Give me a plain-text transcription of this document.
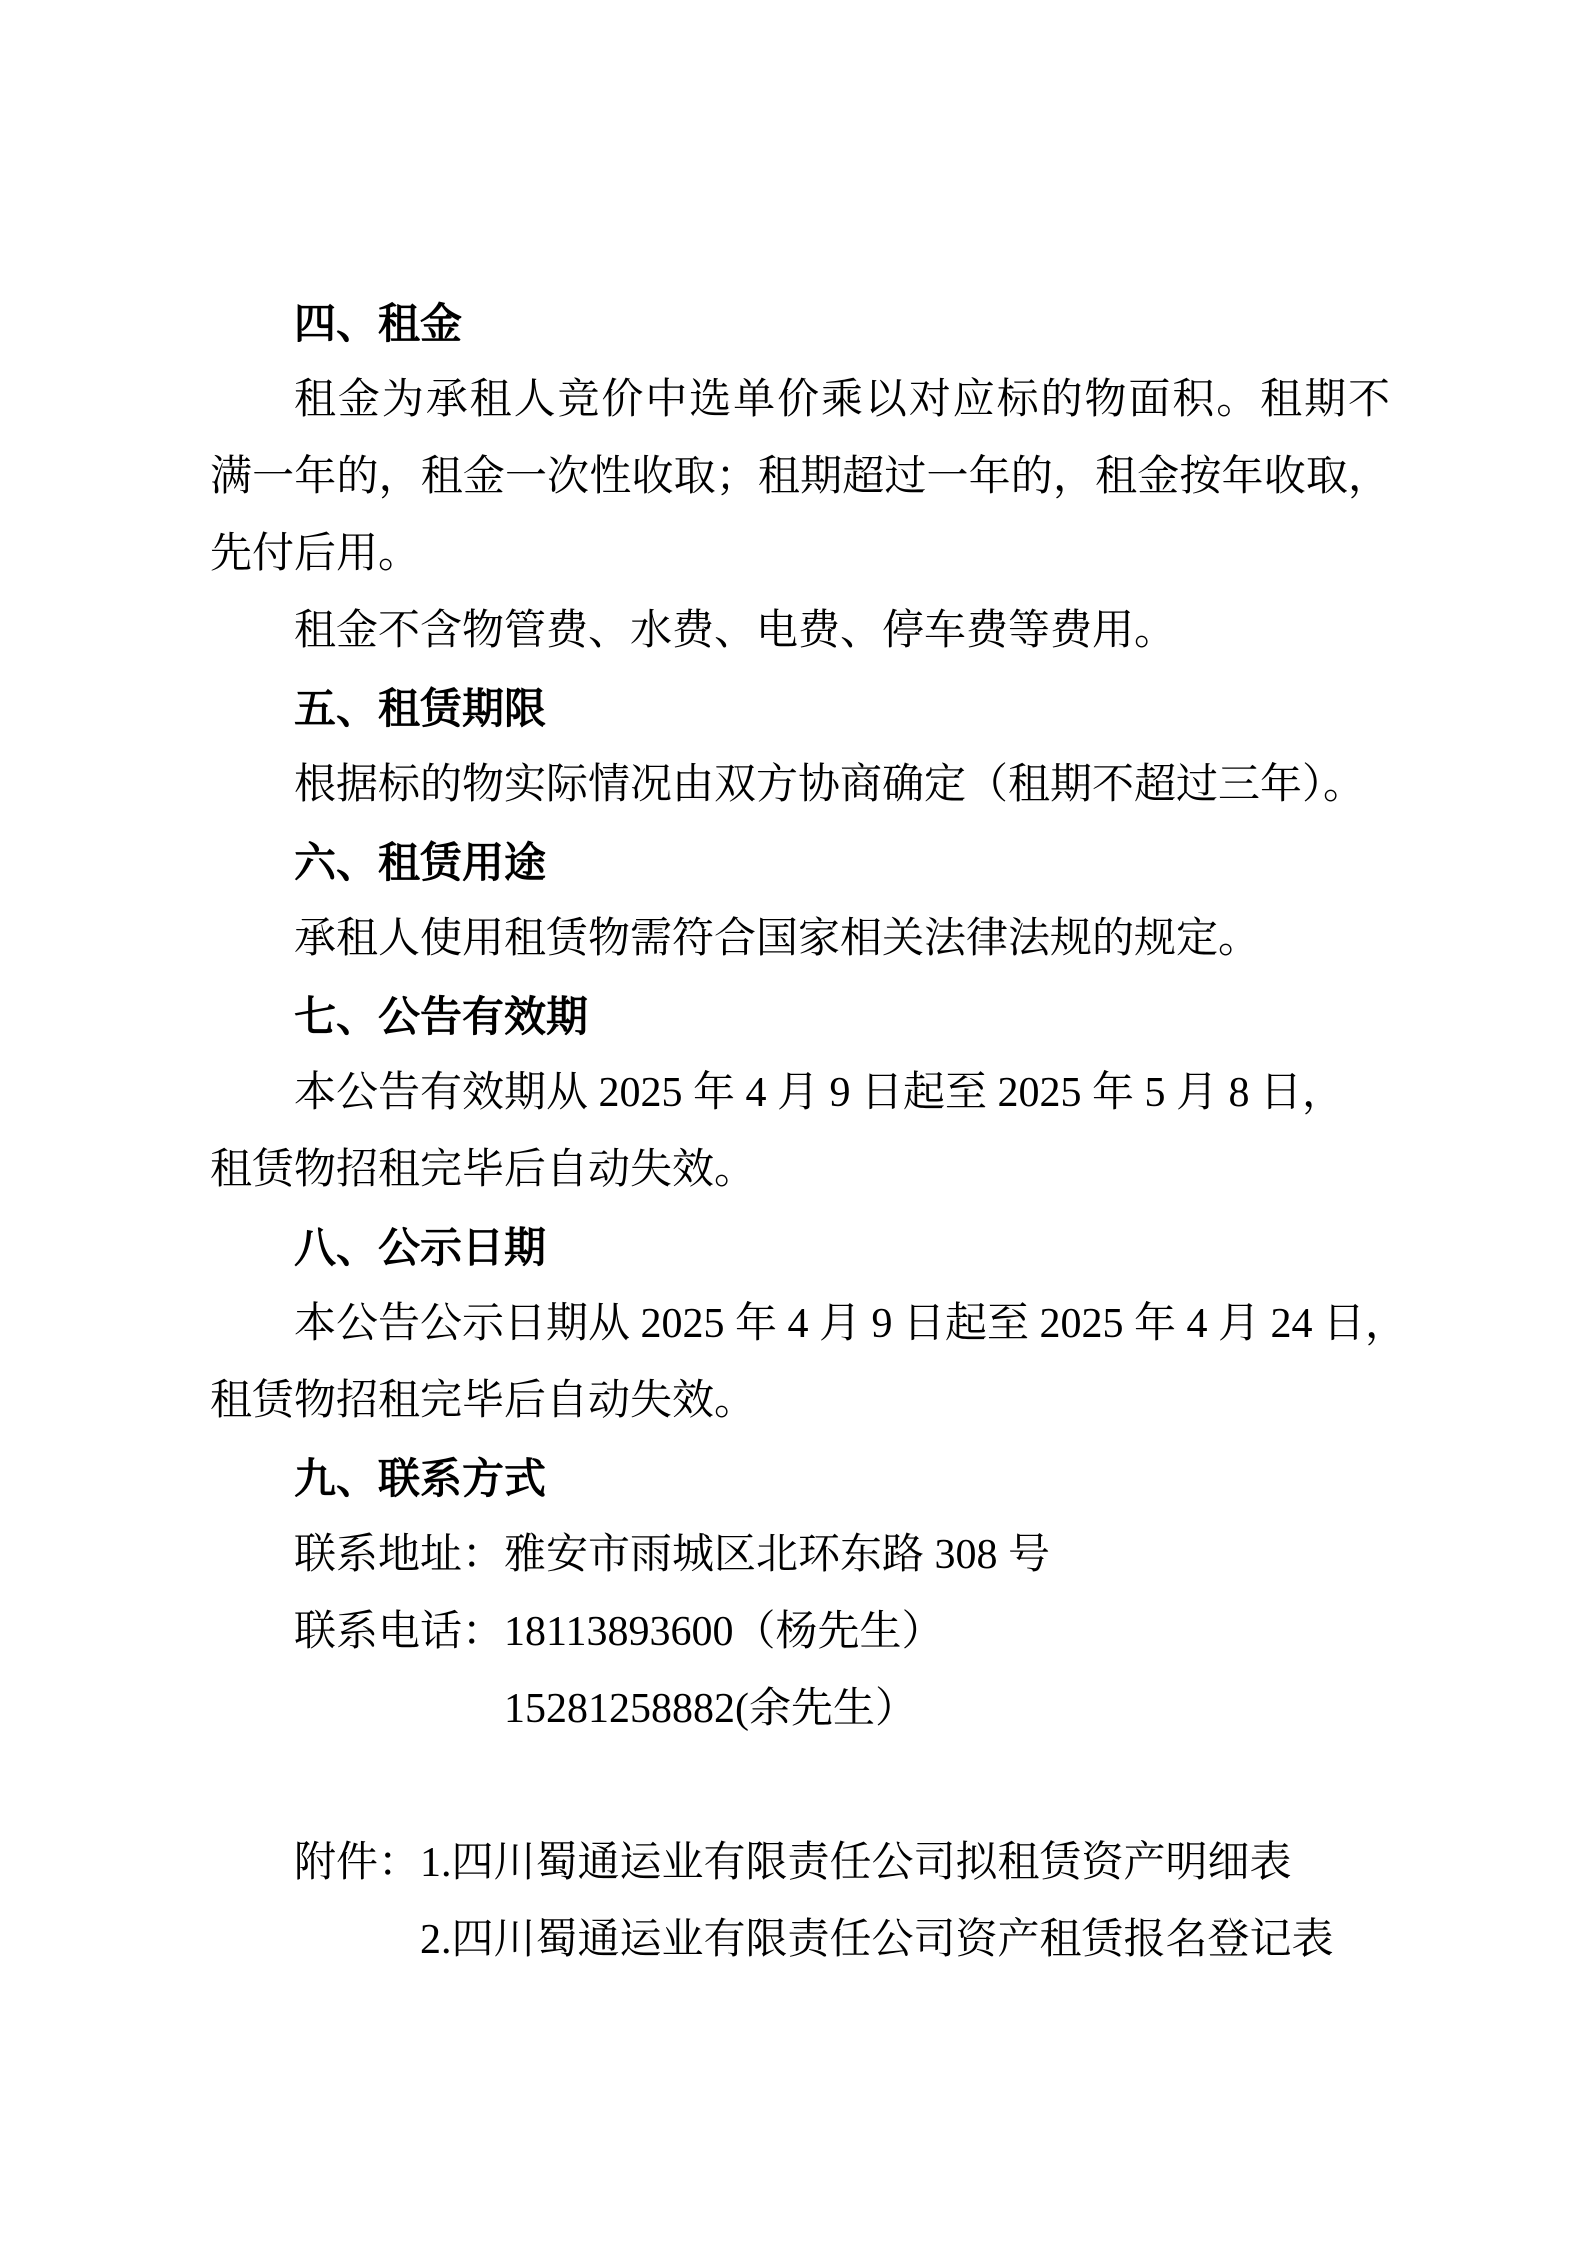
四、租金
租金为承租人竞价中选单价乘以对应标的物面积。租期不
满一年的，租金一次性收取；租期超过一年的，租金按年收取，
先付后用。
租金不含物管费、水费、电费、停车费等费用。
五、租赁期限
根据标的物实际情况由双方协商确定（租期不超过三年）。
六、租赁用途
承租人使用租赁物需符合国家相关法律法规的规定。
七、公告有效期
本公告有效期从 2025 年 4 月 9 日起至 2025 年 5 月 8 日，
租赁物招租完毕后自动失效。
八、公示日期
本公告公示日期从 2025 年 4 月 9 日起至 2025 年 4 月 24 日，
租赁物招租完毕后自动失效。
九、联系方式
联系地址：雅安市雨城区北环东路 308 号
联系电话：18113893600（杨先生）
15281258882(余先生）
附件：1.四川蜀通运业有限责任公司拟租赁资产明细表
2.四川蜀通运业有限责任公司资产租赁报名登记表
